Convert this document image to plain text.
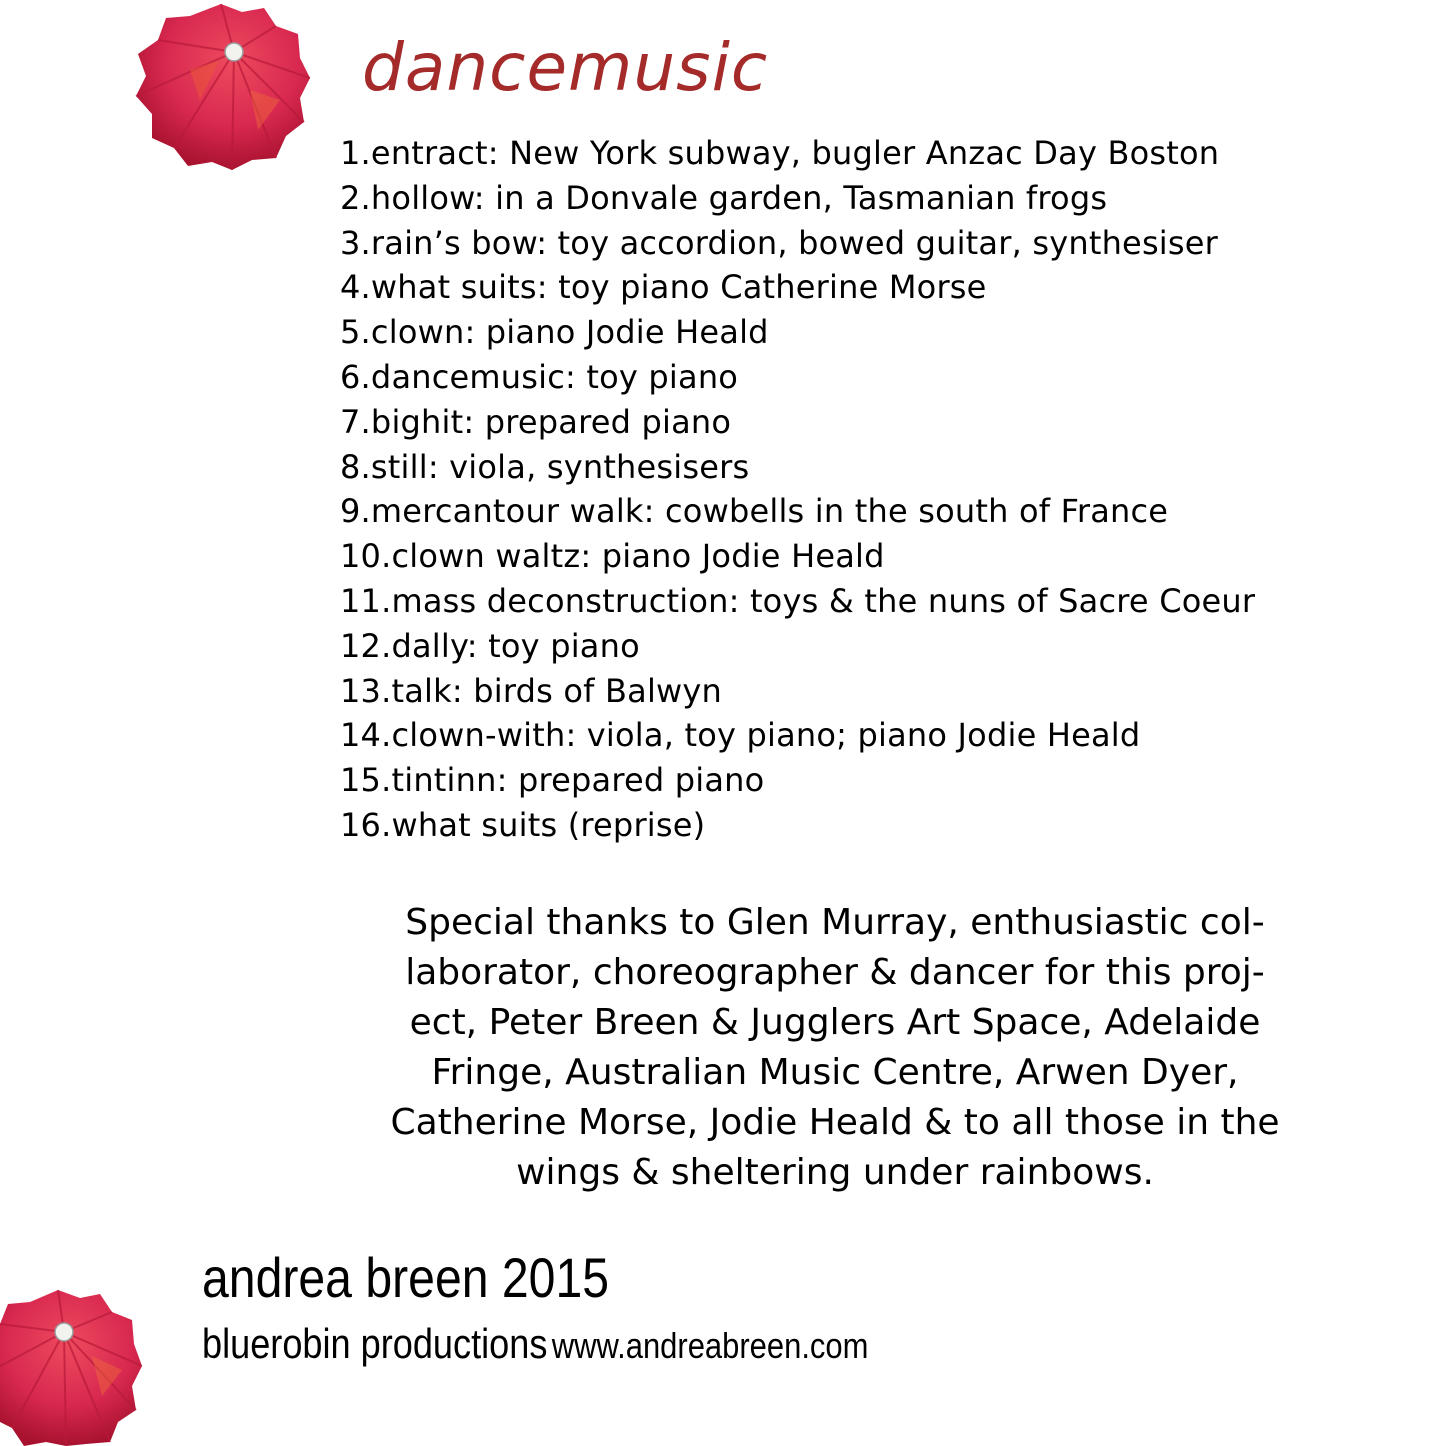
dancemusic
1.entract: New York subway, bugler Anzac Day Boston
2.hollow: in a Donvale garden, Tasmanian frogs
3.rain’s bow: toy accordion, bowed guitar, synthesiser
4.what suits: toy piano Catherine Morse
5.clown: piano Jodie Heald
6.dancemusic: toy piano
7.bighit: prepared piano
8.still: viola, synthesisers
9.mercantour walk: cowbells in the south of France
10.clown waltz: piano Jodie Heald
11.mass deconstruction: toys & the nuns of Sacre Coeur
12.dally: toy piano
13.talk: birds of Balwyn
14.clown-with: viola, toy piano; piano Jodie Heald
15.tintinn: prepared piano
16.what suits (reprise)
Special thanks to Glen Murray, enthusiastic col-
laborator, choreographer & dancer for this proj-
ect, Peter Breen & Jugglers Art Space, Adelaide
Fringe, Australian Music Centre, Arwen Dyer,
Catherine Morse, Jodie Heald & to all those in the
wings & sheltering under rainbows.
andrea breen 2015
bluerobin productions www.andreabreen.com
